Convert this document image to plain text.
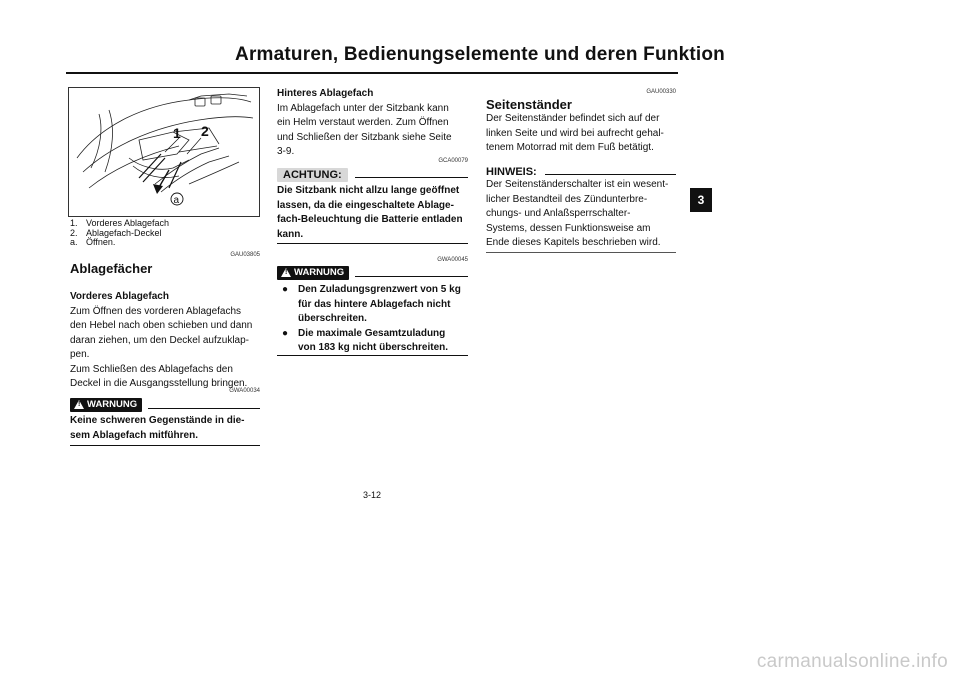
Armaturen, Bedienungselemente und deren Funktion
3
1 2
a
1. Vorderes Ablagefach
2. Ablagefach-Deckel
a. Öffnen.
GAU03805
Ablagefächer
Vorderes Ablagefach
Zum Öffnen des vorderen Ablagefachs
den Hebel nach oben schieben und dann
daran ziehen, um den Deckel aufzuklap-
pen.
Zum Schließen des Ablagefachs den
Deckel in die Ausgangsstellung bringen.
GWA00034
! WARNUNG
Keine schweren Gegenstände in die-
sem Ablagefach mitführen.
Hinteres Ablagefach
Im Ablagefach unter der Sitzbank kann
ein Helm verstaut werden. Zum Öffnen
und Schließen der Sitzbank siehe Seite
3-9.
GCA00079
ACHTUNG:
Die Sitzbank nicht allzu lange geöffnet
lassen, da die eingeschaltete Ablage-
fach-Beleuchtung die Batterie entladen
kann.
GWA00045
! WARNUNG
● Den Zuladungsgrenzwert von 5 kg
für das hintere Ablagefach nicht
überschreiten.
● Die maximale Gesamtzuladung
von 183 kg nicht überschreiten.
GAU00330
Seitenständer
Der Seitenständer befindet sich auf der
linken Seite und wird bei aufrecht gehal-
tenem Motorrad mit dem Fuß betätigt.
HINWEIS:
Der Seitenständerschalter ist ein wesent-
licher Bestandteil des Zündunterbre-
chungs- und Anlaßsperrschalter-
Systems, dessen Funktionsweise am
Ende dieses Kapitels beschrieben wird.
3-12
carmanualsonline.info
